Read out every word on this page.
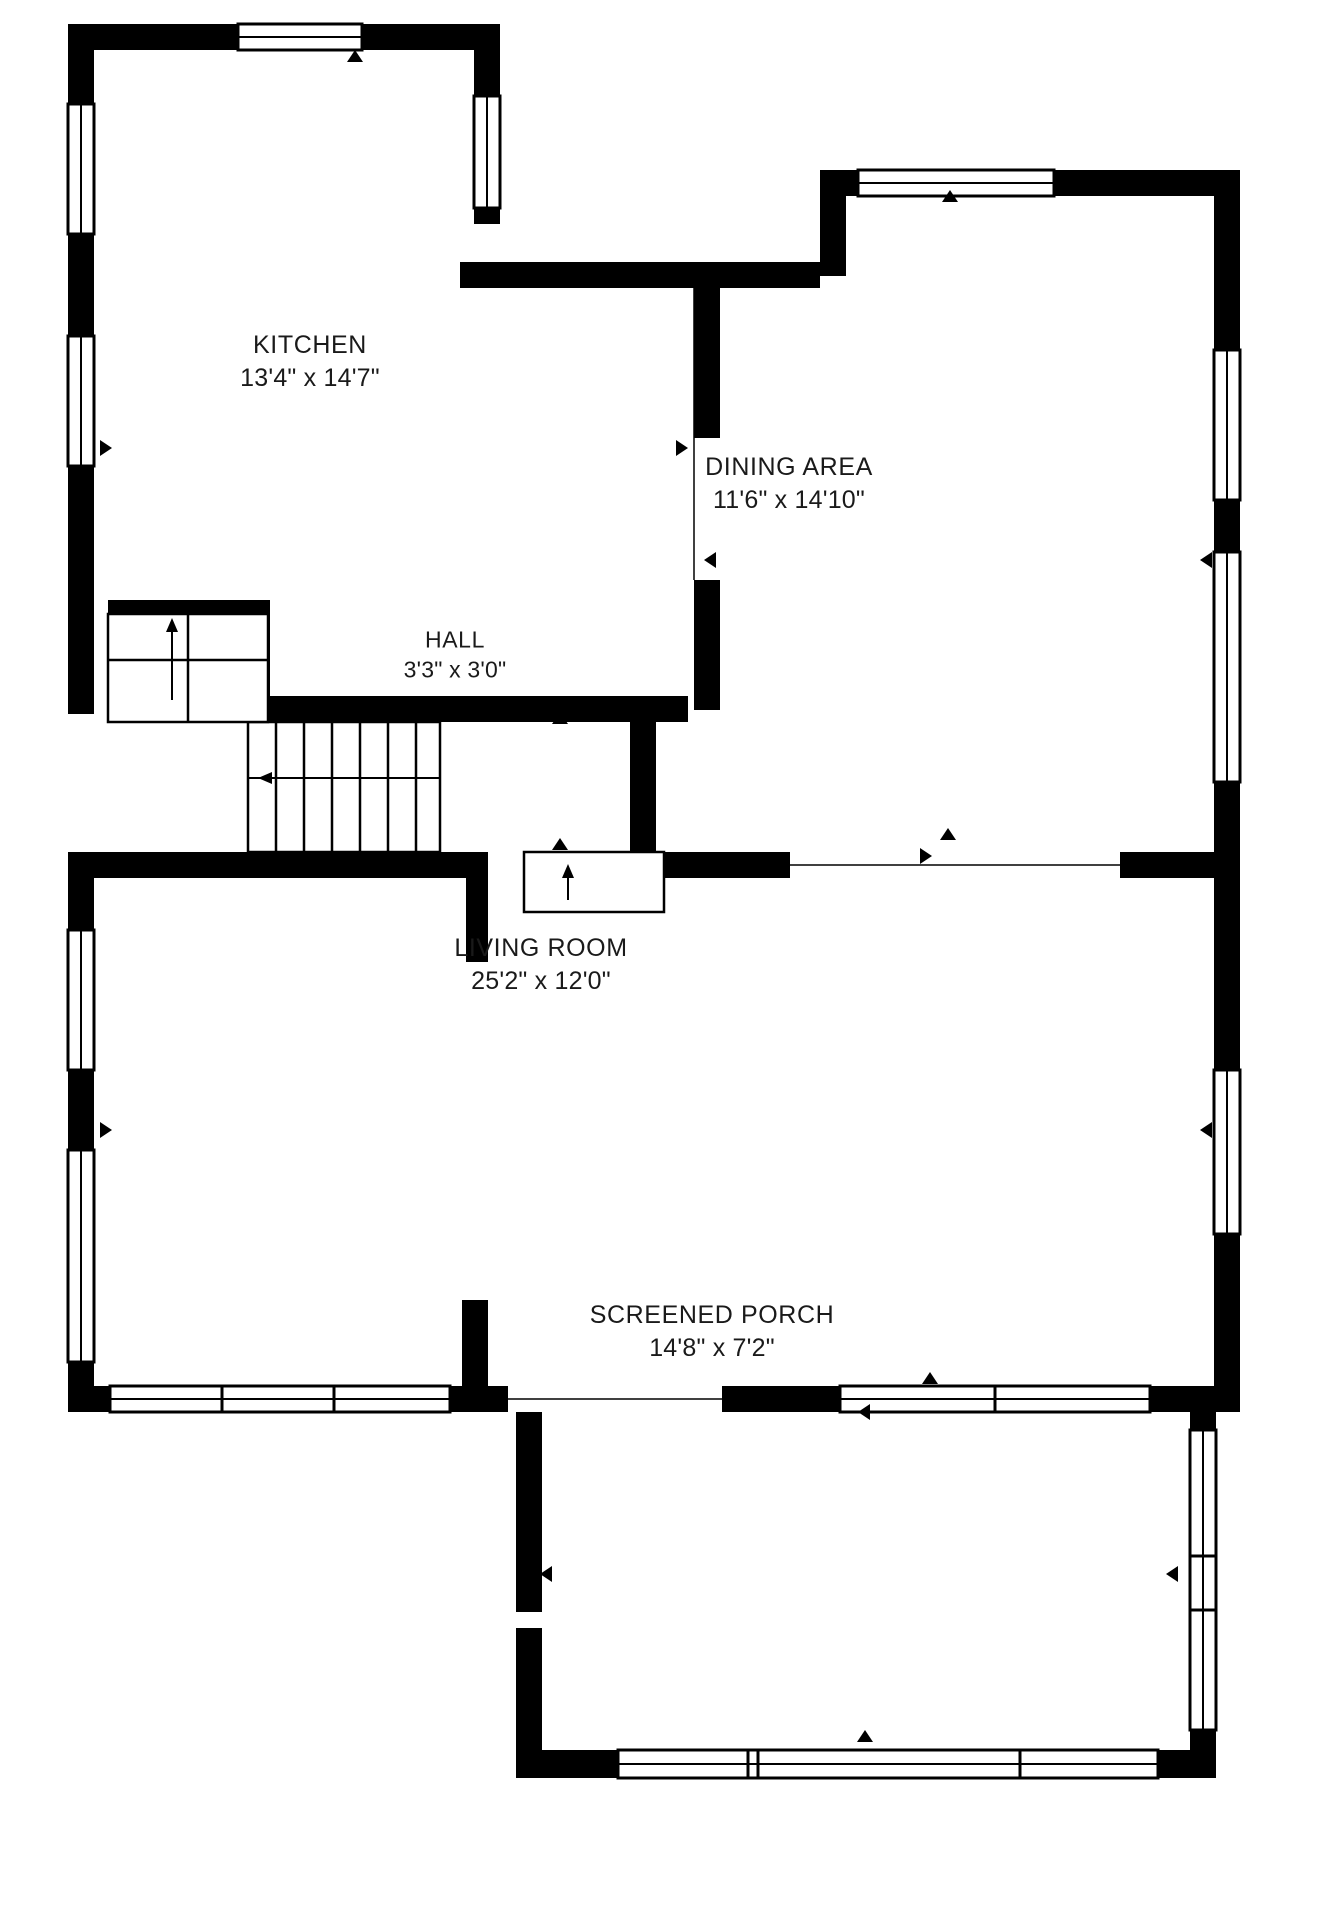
KITCHEN
13'4" x 14'7"
DINING AREA
11'6" x 14'10"
HALL
3'3" x 3'0"
LIVING ROOM
25'2" x 12'0"
SCREENED PORCH
14'8" x 7'2"
